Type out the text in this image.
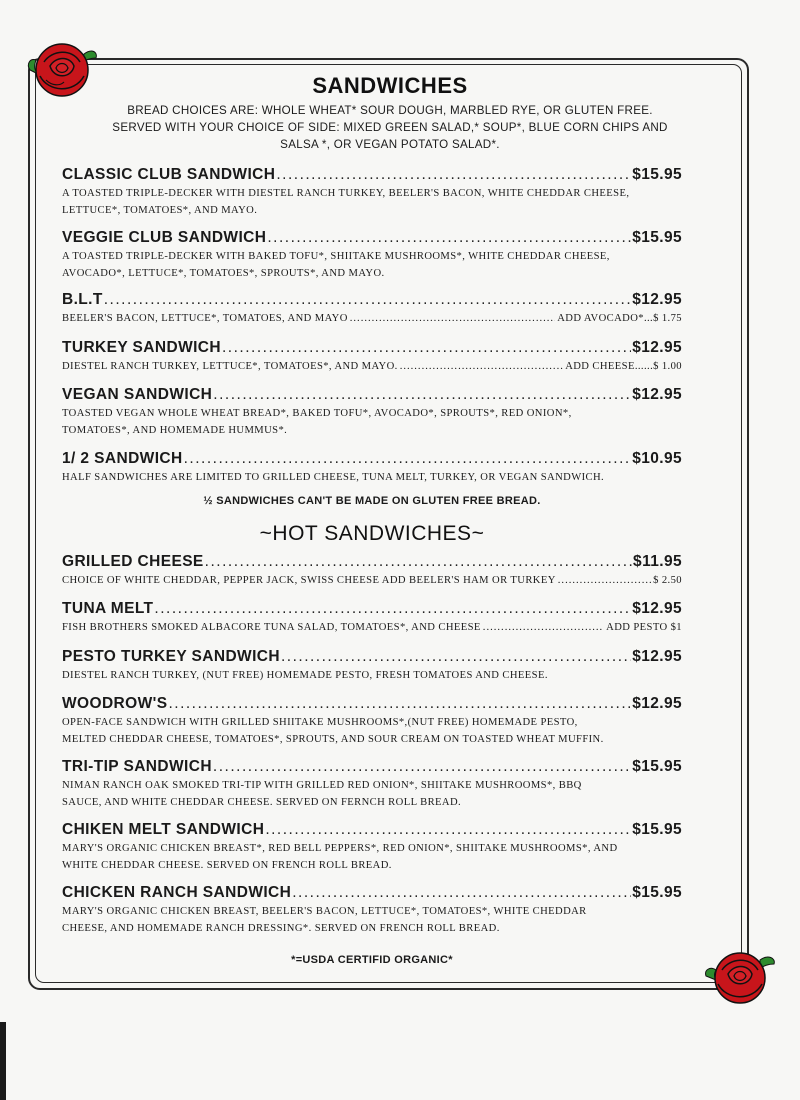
SANDWICHES
BREAD CHOICES ARE: WHOLE WHEAT* SOUR DOUGH, MARBLED RYE, OR GLUTEN FREE.
SERVED WITH YOUR CHOICE OF SIDE: MIXED GREEN SALAD,* SOUP*, BLUE CORN CHIPS AND
SALSA *, OR VEGAN POTATO SALAD*.
CLASSIC CLUB SANDWICH .....	$15.95
A TOASTED TRIPLE-DECKER WITH DIESTEL RANCH TURKEY, BEELER'S BACON, WHITE CHEDDAR CHEESE,
LETTUCE*, TOMATOES*, AND MAYO.
VEGGIE CLUB SANDWICH .....	$15.95
A TOASTED TRIPLE-DECKER WITH BAKED TOFU*, SHIITAKE MUSHROOMS*, WHITE CHEDDAR CHEESE,
AVOCADO*, LETTUCE*, TOMATOES*, SPROUTS*, AND MAYO.
B.L.T .....	$12.95
BEELER'S BACON, LETTUCE*, TOMATOES, AND MAYO .....	ADD AVOCADO*...$ 1.75
TURKEY SANDWICH .....	$12.95
DIESTEL RANCH TURKEY, LETTUCE*, TOMATOES*, AND MAYO. .....	ADD CHEESE......$ 1.00
VEGAN SANDWICH .....	$12.95
TOASTED VEGAN WHOLE WHEAT BREAD*, BAKED TOFU*, AVOCADO*, SPROUTS*, RED ONION*,
TOMATOES*, AND HOMEMADE HUMMUS*.
1/ 2 SANDWICH .....	$10.95
HALF SANDWICHES ARE LIMITED TO GRILLED CHEESE, TUNA MELT, TURKEY, OR VEGAN SANDWICH.
½ SANDWICHES CAN'T BE MADE ON GLUTEN FREE BREAD.
~HOT SANDWICHES~
GRILLED CHEESE .....	$11.95
CHOICE OF WHITE CHEDDAR, PEPPER JACK, SWISS CHEESE ADD BEELER'S HAM OR TURKEY .....	$ 2.50
TUNA MELT .....	$12.95
FISH BROTHERS SMOKED ALBACORE TUNA SALAD, TOMATOES*, AND CHEESE .....	ADD PESTO $1
PESTO TURKEY SANDWICH .....	$12.95
DIESTEL RANCH TURKEY, (NUT FREE) HOMEMADE PESTO, FRESH TOMATOES AND CHEESE.
WOODROW'S .....	$12.95
OPEN-FACE SANDWICH WITH GRILLED SHIITAKE MUSHROOMS*,(NUT FREE) HOMEMADE PESTO,
MELTED CHEDDAR CHEESE, TOMATOES*, SPROUTS, AND SOUR CREAM ON TOASTED WHEAT MUFFIN.
TRI-TIP SANDWICH .....	$15.95
NIMAN RANCH OAK SMOKED TRI-TIP WITH GRILLED RED ONION*, SHIITAKE MUSHROOMS*, BBQ
SAUCE, AND WHITE CHEDDAR CHEESE. SERVED ON FERNCH ROLL BREAD.
CHIKEN MELT SANDWICH .....	$15.95
MARY'S ORGANIC CHICKEN BREAST*, RED BELL PEPPERS*, RED ONION*, SHIITAKE MUSHROOMS*, AND
WHITE CHEDDAR CHEESE. SERVED ON FRENCH ROLL BREAD.
CHICKEN RANCH SANDWICH .....	$15.95
MARY'S ORGANIC CHICKEN BREAST, BEELER'S BACON, LETTUCE*, TOMATOES*, WHITE CHEDDAR
CHEESE, AND HOMEMADE RANCH DRESSING*. SERVED ON FRENCH ROLL BREAD.
*=USDA CERTIFID ORGANIC*
